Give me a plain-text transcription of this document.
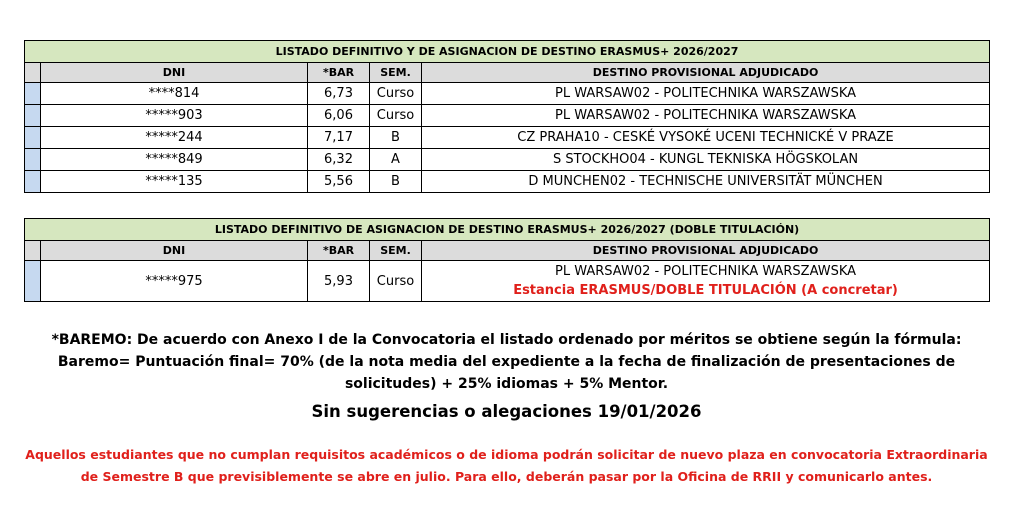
LISTADO DEFINITIVO Y DE ASIGNACION DE DESTINO ERASMUS+ 2026/2027				
	DNI	*BAR	SEM.	DESTINO PROVISIONAL ADJUDICADO
	****814	6,73	Curso	PL WARSAW02 - POLITECHNIKA WARSZAWSKA
	*****903	6,06	Curso	PL WARSAW02 - POLITECHNIKA WARSZAWSKA
	*****244	7,17	B	CZ PRAHA10 - CESKÉ VYSOKÉ UCENI TECHNICKÉ V PRAZE
	*****849	6,32	A	S STOCKHO04 - KUNGL TEKNISKA HÖGSKOLAN
	*****135	5,56	B	D MUNCHEN02 - TECHNISCHE UNIVERSITÄT MÜNCHEN
LISTADO DEFINITIVO DE ASIGNACION DE DESTINO ERASMUS+ 2026/2027 (DOBLE TITULACIÓN)				
	DNI	*BAR	SEM.	DESTINO PROVISIONAL ADJUDICADO
	*****975	5,93	Curso	PL WARSAW02 - POLITECHNIKA WARSZAWSKA
Estancia ERASMUS/DOBLE TITULACIÓN (A concretar)
*BAREMO: De acuerdo con Anexo I de la Convocatoria el listado ordenado por méritos se obtiene según la fórmula: Baremo= Puntuación final= 70% (de la nota media del expediente a la fecha de finalización de presentaciones de solicitudes) + 25% idiomas + 5% Mentor.
Sin sugerencias o alegaciones 19/01/2026
Aquellos estudiantes que no cumplan requisitos académicos o de idioma podrán solicitar de nuevo plaza en convocatoria Extraordinaria de Semestre B que previsiblemente se abre en julio. Para ello, deberán pasar por la Oficina de RRII y comunicarlo antes.
